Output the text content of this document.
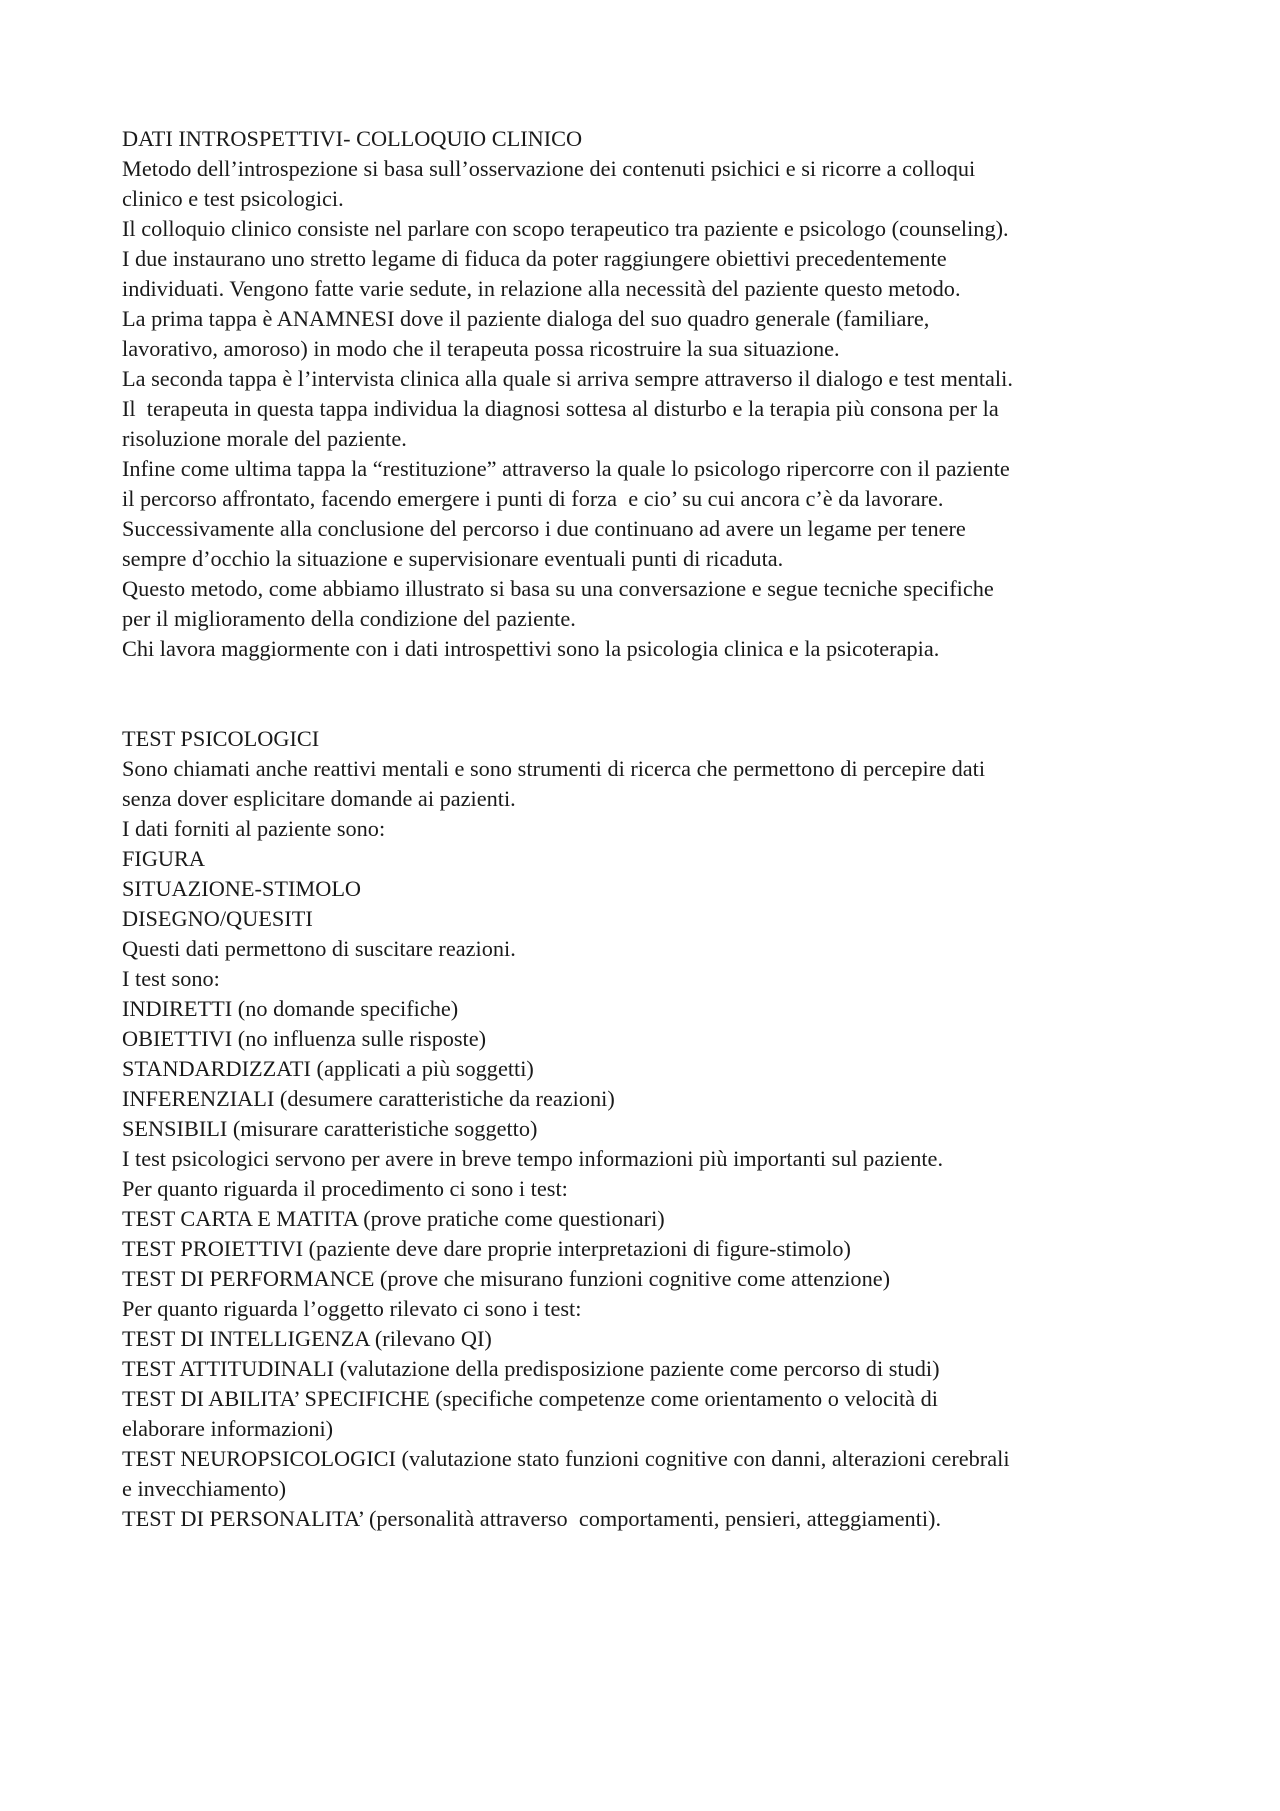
DATI INTROSPETTIVI- COLLOQUIO CLINICO
Metodo dell’introspezione si basa sull’osservazione dei contenuti psichici e si ricorre a colloqui
clinico e test psicologici.
Il colloquio clinico consiste nel parlare con scopo terapeutico tra paziente e psicologo (counseling).
I due instaurano uno stretto legame di fiduca da poter raggiungere obiettivi precedentemente
individuati. Vengono fatte varie sedute, in relazione alla necessità del paziente questo metodo.
La prima tappa è ANAMNESI dove il paziente dialoga del suo quadro generale (familiare,
lavorativo, amoroso) in modo che il terapeuta possa ricostruire la sua situazione.
La seconda tappa è l’intervista clinica alla quale si arriva sempre attraverso il dialogo e test mentali.
Il  terapeuta in questa tappa individua la diagnosi sottesa al disturbo e la terapia più consona per la
risoluzione morale del paziente.
Infine come ultima tappa la “restituzione” attraverso la quale lo psicologo ripercorre con il paziente
il percorso affrontato, facendo emergere i punti di forza  e cio’ su cui ancora c’è da lavorare.
Successivamente alla conclusione del percorso i due continuano ad avere un legame per tenere
sempre d’occhio la situazione e supervisionare eventuali punti di ricaduta.
Questo metodo, come abbiamo illustrato si basa su una conversazione e segue tecniche specifiche
per il miglioramento della condizione del paziente.
Chi lavora maggiormente con i dati introspettivi sono la psicologia clinica e la psicoterapia.
TEST PSICOLOGICI
Sono chiamati anche reattivi mentali e sono strumenti di ricerca che permettono di percepire dati
senza dover esplicitare domande ai pazienti.
I dati forniti al paziente sono:
FIGURA
SITUAZIONE-STIMOLO
DISEGNO/QUESITI
Questi dati permettono di suscitare reazioni.
I test sono:
INDIRETTI (no domande specifiche)
OBIETTIVI (no influenza sulle risposte)
STANDARDIZZATI (applicati a più soggetti)
INFERENZIALI (desumere caratteristiche da reazioni)
SENSIBILI (misurare caratteristiche soggetto)
I test psicologici servono per avere in breve tempo informazioni più importanti sul paziente.
Per quanto riguarda il procedimento ci sono i test:
TEST CARTA E MATITA (prove pratiche come questionari)
TEST PROIETTIVI (paziente deve dare proprie interpretazioni di figure-stimolo)
TEST DI PERFORMANCE (prove che misurano funzioni cognitive come attenzione)
Per quanto riguarda l’oggetto rilevato ci sono i test:
TEST DI INTELLIGENZA (rilevano QI)
TEST ATTITUDINALI (valutazione della predisposizione paziente come percorso di studi)
TEST DI ABILITA’ SPECIFICHE (specifiche competenze come orientamento o velocità di
elaborare informazioni)
TEST NEUROPSICOLOGICI (valutazione stato funzioni cognitive con danni, alterazioni cerebrali
e invecchiamento)
TEST DI PERSONALITA’ (personalità attraverso  comportamenti, pensieri, atteggiamenti).
